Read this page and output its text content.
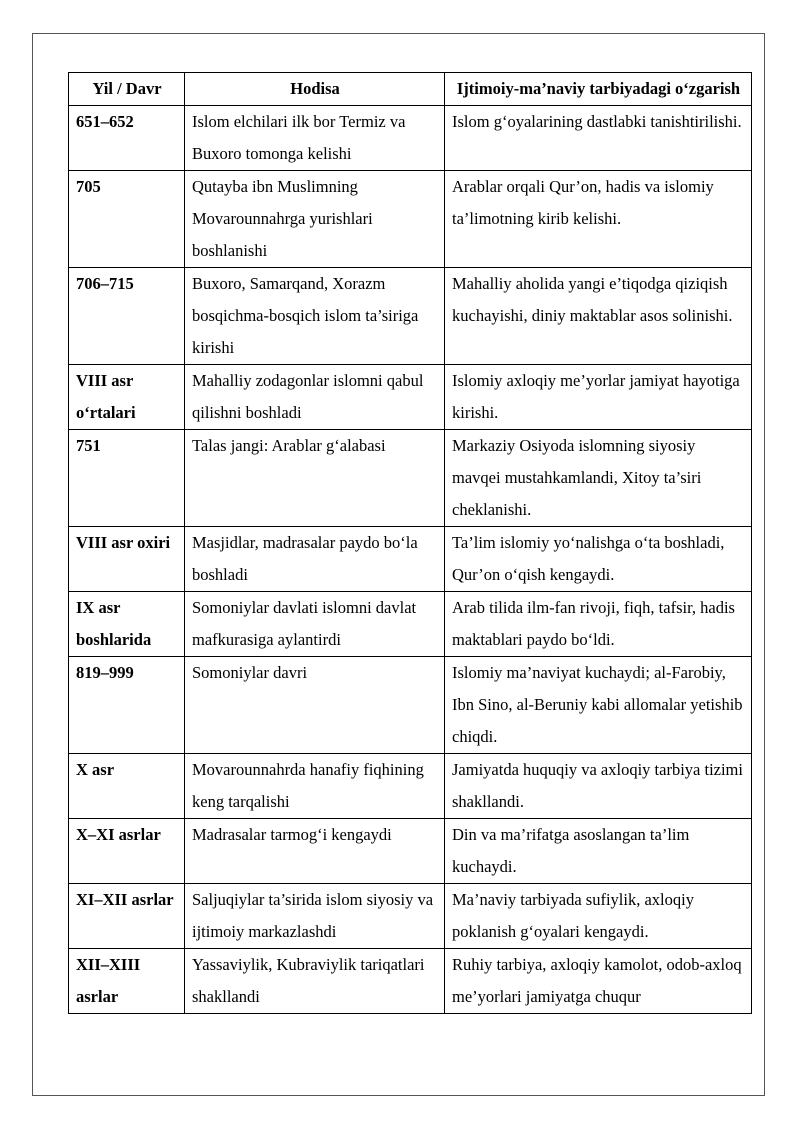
Yil / Davr	Hodisa	Ijtimoiy-ma’naviy tarbiyadagi o‘zgarish
651–652	Islom elchilari ilk bor Termiz va Buxoro tomonga kelishi	Islom g‘oyalarining dastlabki tanishtirilishi.
705	Qutayba ibn Muslimning Movarounnahrga yurishlari boshlanishi	Arablar orqali Qur’on, hadis va islomiy ta’limotning kirib kelishi.
706–715	Buxoro, Samarqand, Xorazm bosqichma-bosqich islom ta’siriga kirishi	Mahalliy aholida yangi e’tiqodga qiziqish kuchayishi, diniy maktablar asos solinishi.
VIII asr o‘rtalari	Mahalliy zodagonlar islomni qabul qilishni boshladi	Islomiy axloqiy me’yorlar jamiyat hayotiga kirishi.
751	Talas jangi: Arablar g‘alabasi	Markaziy Osiyoda islomning siyosiy mavqei mustahkamlandi, Xitoy ta’siri cheklanishi.
VIII asr oxiri	Masjidlar, madrasalar paydo bo‘la boshladi	Ta’lim islomiy yo‘nalishga o‘ta boshladi, Qur’on o‘qish kengaydi.
IX asr boshlarida	Somoniylar davlati islomni davlat mafkurasiga aylantirdi	Arab tilida ilm-fan rivoji, fiqh, tafsir, hadis maktablari paydo bo‘ldi.
819–999	Somoniylar davri	Islomiy ma’naviyat kuchaydi; al-Farobiy, Ibn Sino, al-Beruniy kabi allomalar yetishib chiqdi.
X asr	Movarounnahrda hanafiy fiqhining keng tarqalishi	Jamiyatda huquqiy va axloqiy tarbiya tizimi shakllandi.
X–XI asrlar	Madrasalar tarmog‘i kengaydi	Din va ma’rifatga asoslangan ta’lim kuchaydi.
XI–XII asrlar	Saljuqiylar ta’sirida islom siyosiy va ijtimoiy markazlashdi	Ma’naviy tarbiyada sufiylik, axloqiy poklanish g‘oyalari kengaydi.
XII–XIII asrlar	Yassaviylik, Kubraviylik tariqatlari shakllandi	Ruhiy tarbiya, axloqiy kamolot, odob-axloq me’yorlari jamiyatga chuqur
